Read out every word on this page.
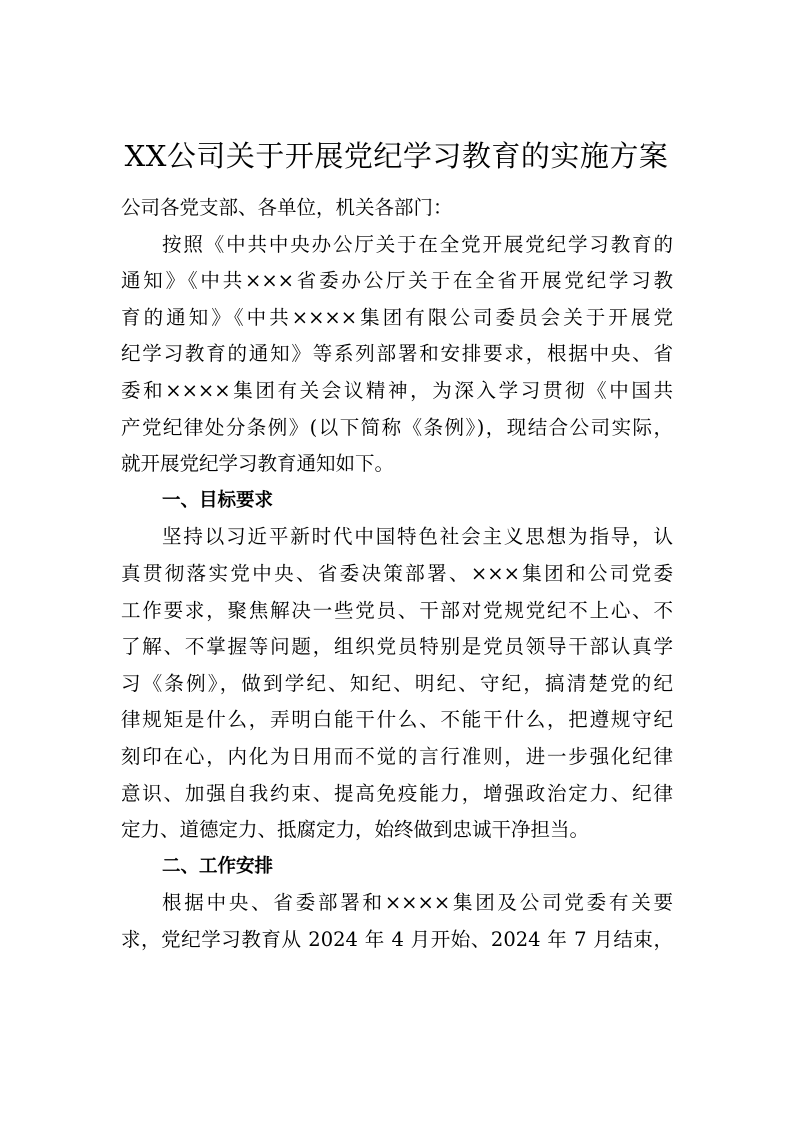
XX公司关于开展党纪学习教育的实施方案
公司各党支部、各单位，机关各部门：
按照《中共中央办公厅关于在全党开展党纪学习教育的
通知》《中共×××省委办公厅关于在全省开展党纪学习教
育的通知》《中共××××集团有限公司委员会关于开展党
纪学习教育的通知》等系列部署和安排要求，根据中央、省
委和××××集团有关会议精神，为深入学习贯彻《中国共
产党纪律处分条例》(以下简称《条例》)，现结合公司实际，
就开展党纪学习教育通知如下。
一、目标要求
坚持以习近平新时代中国特色社会主义思想为指导，认
真贯彻落实党中央、省委决策部署、×××集团和公司党委
工作要求，聚焦解决一些党员、干部对党规党纪不上心、不
了解、不掌握等问题，组织党员特别是党员领导干部认真学
习《条例》，做到学纪、知纪、明纪、守纪，搞清楚党的纪
律规矩是什么，弄明白能干什么、不能干什么，把遵规守纪
刻印在心，内化为日用而不觉的言行准则，进一步强化纪律
意识、加强自我约束、提高免疫能力，增强政治定力、纪律
定力、道德定力、抵腐定力，始终做到忠诚干净担当。
二、工作安排
根据中央、省委部署和××××集团及公司党委有关要
求，党纪学习教育从 2024 年 4 月开始、2024 年 7 月结束，
